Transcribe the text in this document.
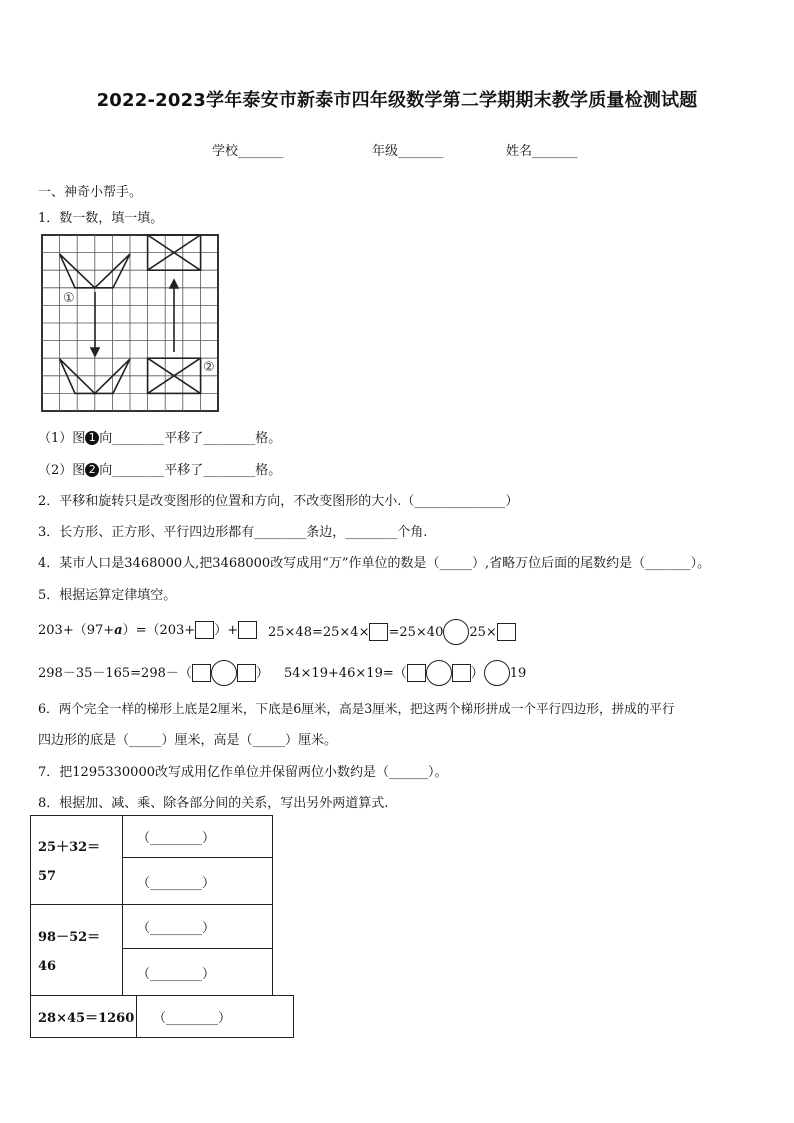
2022-2023学年泰安市新泰市四年级数学第二学期期末教学质量检测试题
学校_______	年级_______	姓名_______
一、神奇小帮手。
1．数一数，填一填。
①
②
（1）图 1 向________平移了________格。
（2）图 2 向________平移了________格。
2．平移和旋转只是改变图形的位置和方向，不改变图形的大小.（______________）
3．长方形、正方形、平行四边形都有________条边，________个角.
4．某市人口是3468000人,把3468000改写成用“万”作单位的数是（_____）,省略万位后面的尾数约是（_______）。
5．根据运算定律填空。
203+（97+a）=（203+ ）+	25×48=25×4× =25×40 25×
298－35－165=298－（	） 54×19+46×19=（	） 19
6．两个完全一样的梯形上底是2厘米，下底是6厘米，高是3厘米，把这两个梯形拼成一个平行四边形，拼成的平行
四边形的底是（_____）厘米，高是（_____）厘米。
7．把1295330000改写成用亿作单位并保留两位小数约是（______）。
8．根据加、减、乘、除各部分间的关系，写出另外两道算式.
25＋32＝
57	（________）
	（________）

98－52＝
46	（________）
	（________）
28×45＝1260	（________）
